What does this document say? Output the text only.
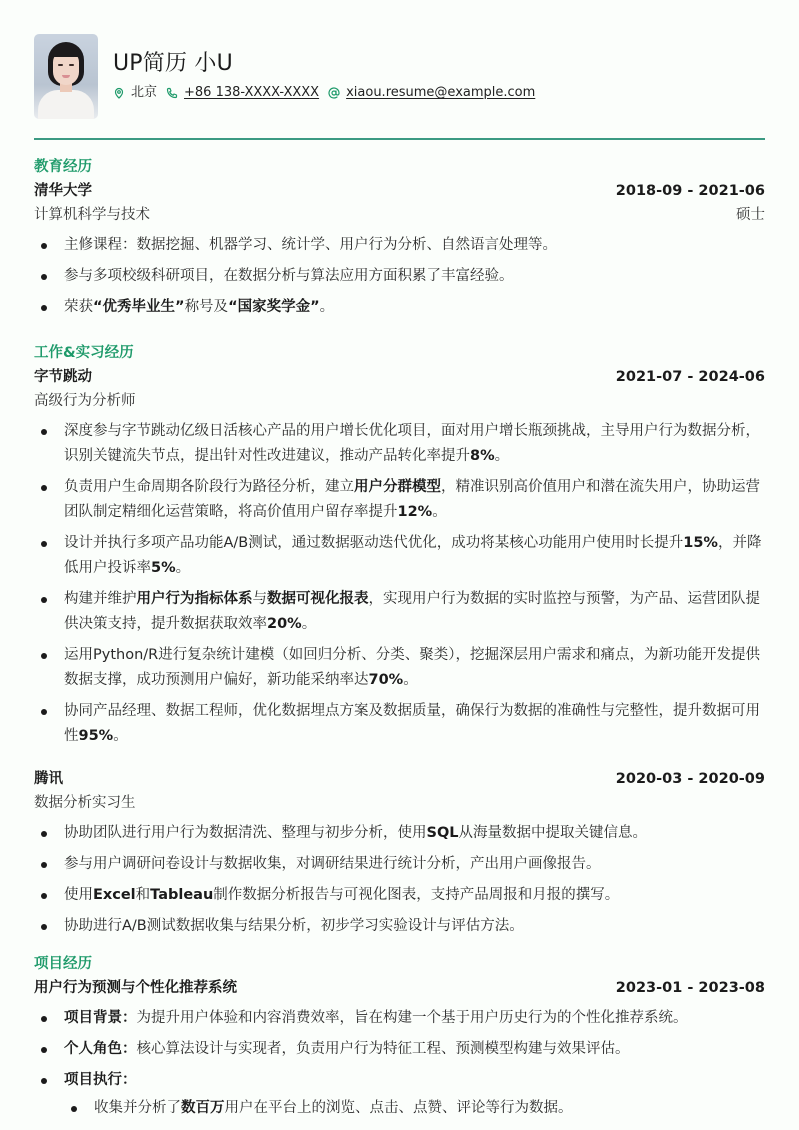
UP简历 小U
北京 +86 138-XXXX-XXXX xiaou.resume@example.com
教育经历
清华大学	2018-09 - 2021-06
计算机科学与技术	硕士
主修课程：数据挖掘、机器学习、统计学、用户行为分析、自然语言处理等。
参与多项校级科研项目，在数据分析与算法应用方面积累了丰富经验。
荣获“优秀毕业生”称号及“国家奖学金”。
工作&实习经历
字节跳动	2021-07 - 2024-06
高级行为分析师
深度参与字节跳动亿级日活核心产品的用户增长优化项目，面对用户增长瓶颈挑战，主导用户行为数据分析，识别关键流失节点，提出针对性改进建议，推动产品转化率提升8%。
负责用户生命周期各阶段行为路径分析，建立用户分群模型，精准识别高价值用户和潜在流失用户，协助运营团队制定精细化运营策略，将高价值用户留存率提升12%。
设计并执行多项产品功能A/B测试，通过数据驱动迭代优化，成功将某核心功能用户使用时长提升15%，并降低用户投诉率5%。
构建并维护用户行为指标体系与数据可视化报表，实现用户行为数据的实时监控与预警，为产品、运营团队提供决策支持，提升数据获取效率20%。
运用Python/R进行复杂统计建模（如回归分析、分类、聚类），挖掘深层用户需求和痛点，为新功能开发提供数据支撑，成功预测用户偏好，新功能采纳率达70%。
协同产品经理、数据工程师，优化数据埋点方案及数据质量，确保行为数据的准确性与完整性，提升数据可用性95%。
腾讯	2020-03 - 2020-09
数据分析实习生
协助团队进行用户行为数据清洗、整理与初步分析，使用SQL从海量数据中提取关键信息。
参与用户调研问卷设计与数据收集，对调研结果进行统计分析，产出用户画像报告。
使用Excel和Tableau制作数据分析报告与可视化图表，支持产品周报和月报的撰写。
协助进行A/B测试数据收集与结果分析，初步学习实验设计与评估方法。
项目经历
用户行为预测与个性化推荐系统	2023-01 - 2023-08
项目背景：为提升用户体验和内容消费效率，旨在构建一个基于用户历史行为的个性化推荐系统。
个人角色：核心算法设计与实现者，负责用户行为特征工程、预测模型构建与效果评估。
项目执行：
收集并分析了数百万用户在平台上的浏览、点击、点赞、评论等行为数据。
